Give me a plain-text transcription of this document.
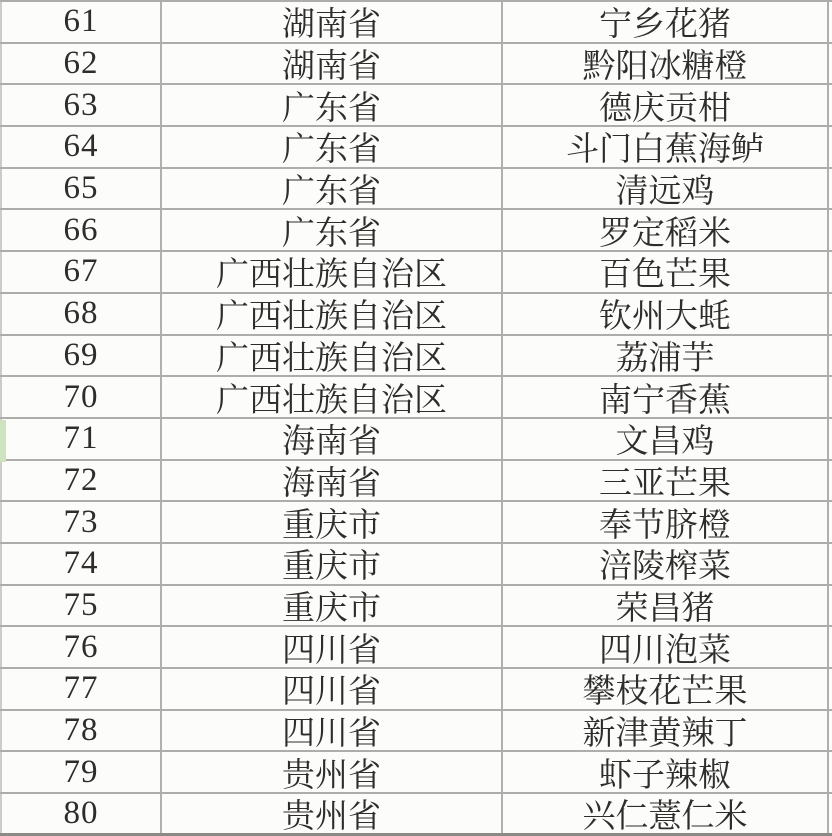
61	湖南省	宁乡花猪
62	湖南省	黔阳冰糖橙
63	广东省	德庆贡柑
64	广东省	斗门白蕉海鲈
65	广东省	清远鸡
66	广东省	罗定稻米
67	广西壮族自治区	百色芒果
68	广西壮族自治区	钦州大蚝
69	广西壮族自治区	荔浦芋
70	广西壮族自治区	南宁香蕉
71	海南省	文昌鸡
72	海南省	三亚芒果
73	重庆市	奉节脐橙
74	重庆市	涪陵榨菜
75	重庆市	荣昌猪
76	四川省	四川泡菜
77	四川省	攀枝花芒果
78	四川省	新津黄辣丁
79	贵州省	虾子辣椒
80	贵州省	兴仁薏仁米
